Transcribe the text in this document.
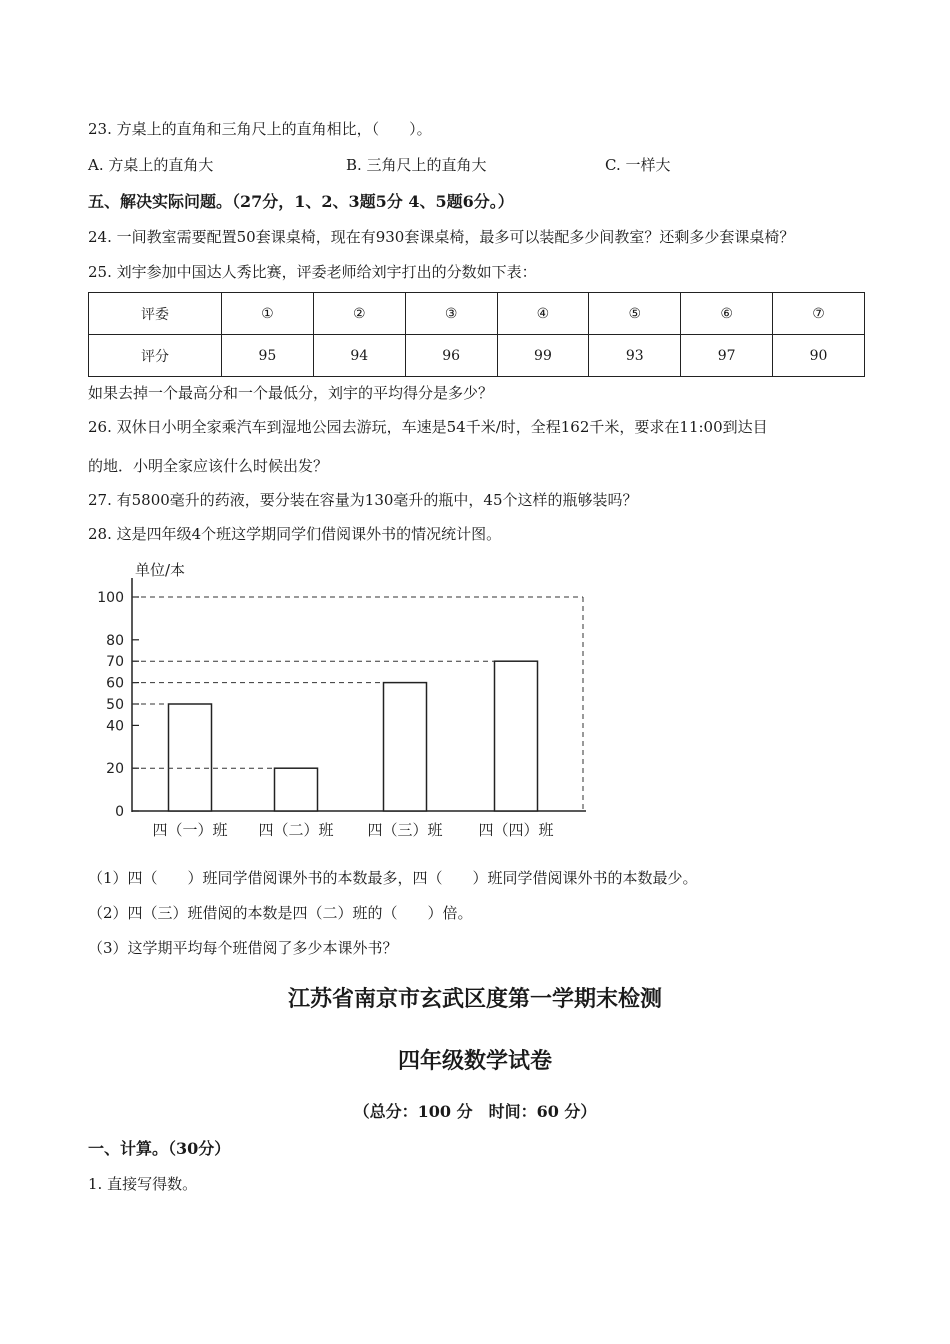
23. 方桌上的直角和三角尺上的直角相比，（　　）。
A. 方桌上的直角大	B. 三角尺上的直角大	C. 一样大
五、解决实际问题。（27分，1、2、3题5分 4、5题6分。）
24. 一间教室需要配置50套课桌椅，现在有930套课桌椅，最多可以装配多少间教室？还剩多少套课桌椅？
25. 刘宇参加中国达人秀比赛，评委老师给刘宇打出的分数如下表：
评委	①	②	③	④	⑤	⑥	⑦
评分	95	94	96	99	93	97	90
如果去掉一个最高分和一个最低分，刘宇的平均得分是多少？
26. 双休日小明全家乘汽车到湿地公园去游玩，车速是54千米/时，全程162千米，要求在11:00到达目
的地．小明全家应该什么时候出发？
27. 有5800毫升的药液，要分装在容量为130毫升的瓶中，45个这样的瓶够装吗？
28. 这是四年级4个班这学期同学们借阅课外书的情况统计图。
单位/本
0
20
40
50
60
70
80
100
四（一）班 四（二）班 四（三）班 四（四）班
（1）四（　　）班同学借阅课外书的本数最多，四（　　）班同学借阅课外书的本数最少。
（2）四（三）班借阅的本数是四（二）班的（　　）倍。
（3）这学期平均每个班借阅了多少本课外书？
江苏省南京市玄武区度第一学期末检测
四年级数学试卷
（总分：100 分　时间：60 分）
一、计算。（30分）
1. 直接写得数。
